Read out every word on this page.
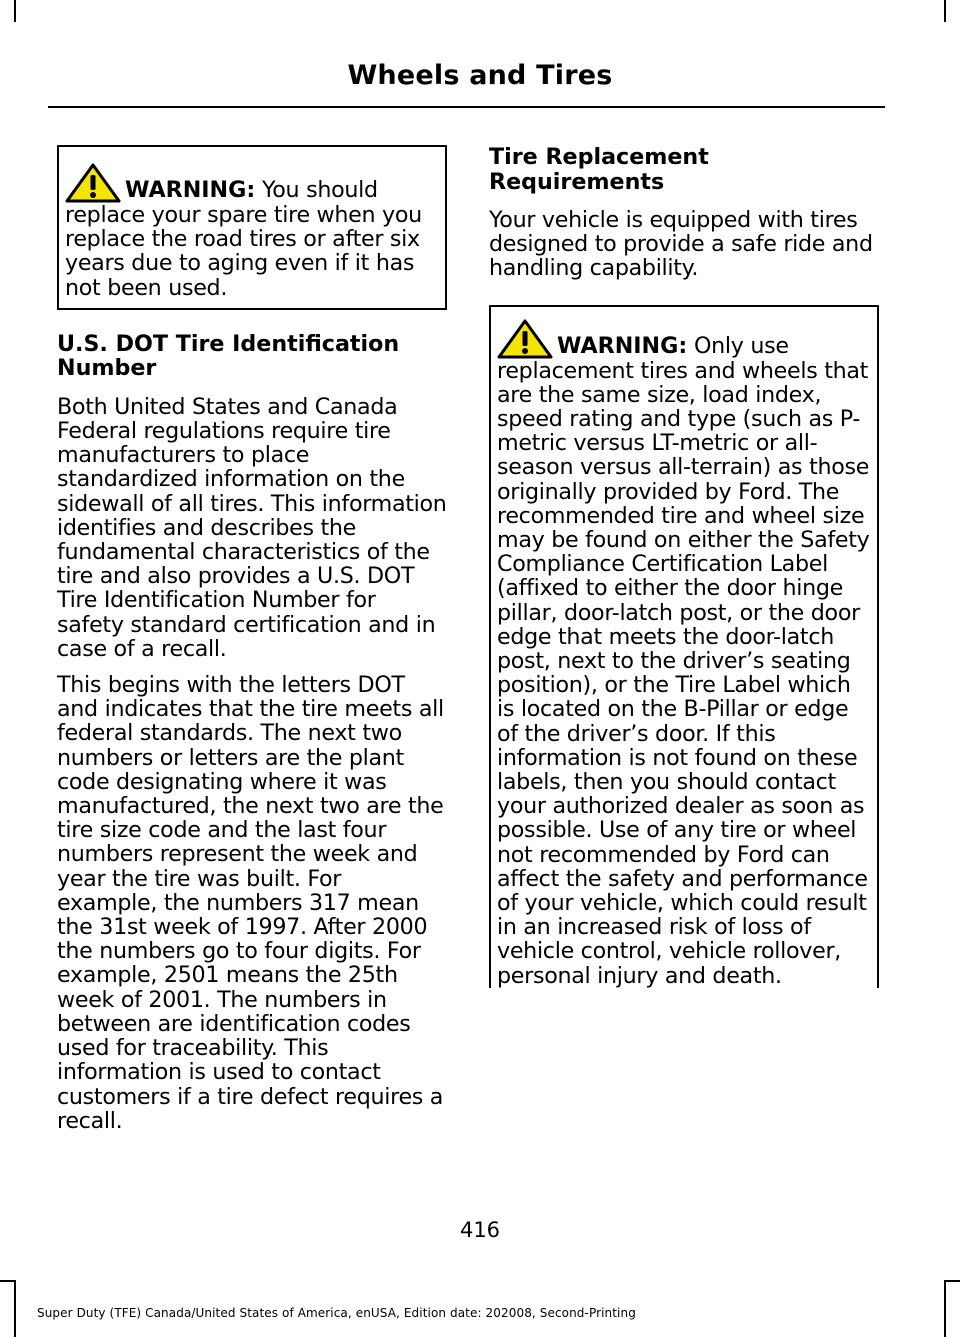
Wheels and Tires

WARNING: You should replace your spare tire when you replace the road tires or after six years due to aging even if it has not been used.

U.S. DOT Tire Identification Number

Both United States and Canada Federal regulations require tire manufacturers to place standardized information on the sidewall of all tires. This information identifies and describes the fundamental characteristics of the tire and also provides a U.S. DOT Tire Identification Number for safety standard certification and in case of a recall.

This begins with the letters DOT and indicates that the tire meets all federal standards. The next two numbers or letters are the plant code designating where it was manufactured, the next two are the tire size code and the last four numbers represent the week and year the tire was built. For example, the numbers 317 mean the 31st week of 1997. After 2000 the numbers go to four digits. For example, 2501 means the 25th week of 2001. The numbers in between are identification codes used for traceability. This information is used to contact customers if a tire defect requires a recall.

Tire Replacement Requirements

Your vehicle is equipped with tires designed to provide a safe ride and handling capability.

WARNING: Only use replacement tires and wheels that are the same size, load index, speed rating and type (such as P-metric versus LT-metric or all-season versus all-terrain) as those originally provided by Ford. The recommended tire and wheel size may be found on either the Safety Compliance Certification Label (affixed to either the door hinge pillar, door-latch post, or the door edge that meets the door-latch post, next to the driver’s seating position), or the Tire Label which is located on the B-Pillar or edge of the driver’s door. If this information is not found on these labels, then you should contact your authorized dealer as soon as possible. Use of any tire or wheel not recommended by Ford can affect the safety and performance of your vehicle, which could result in an increased risk of loss of vehicle control, vehicle rollover, personal injury and death.

416
Super Duty (TFE) Canada/United States of America, enUSA, Edition date: 202008, Second-Printing
